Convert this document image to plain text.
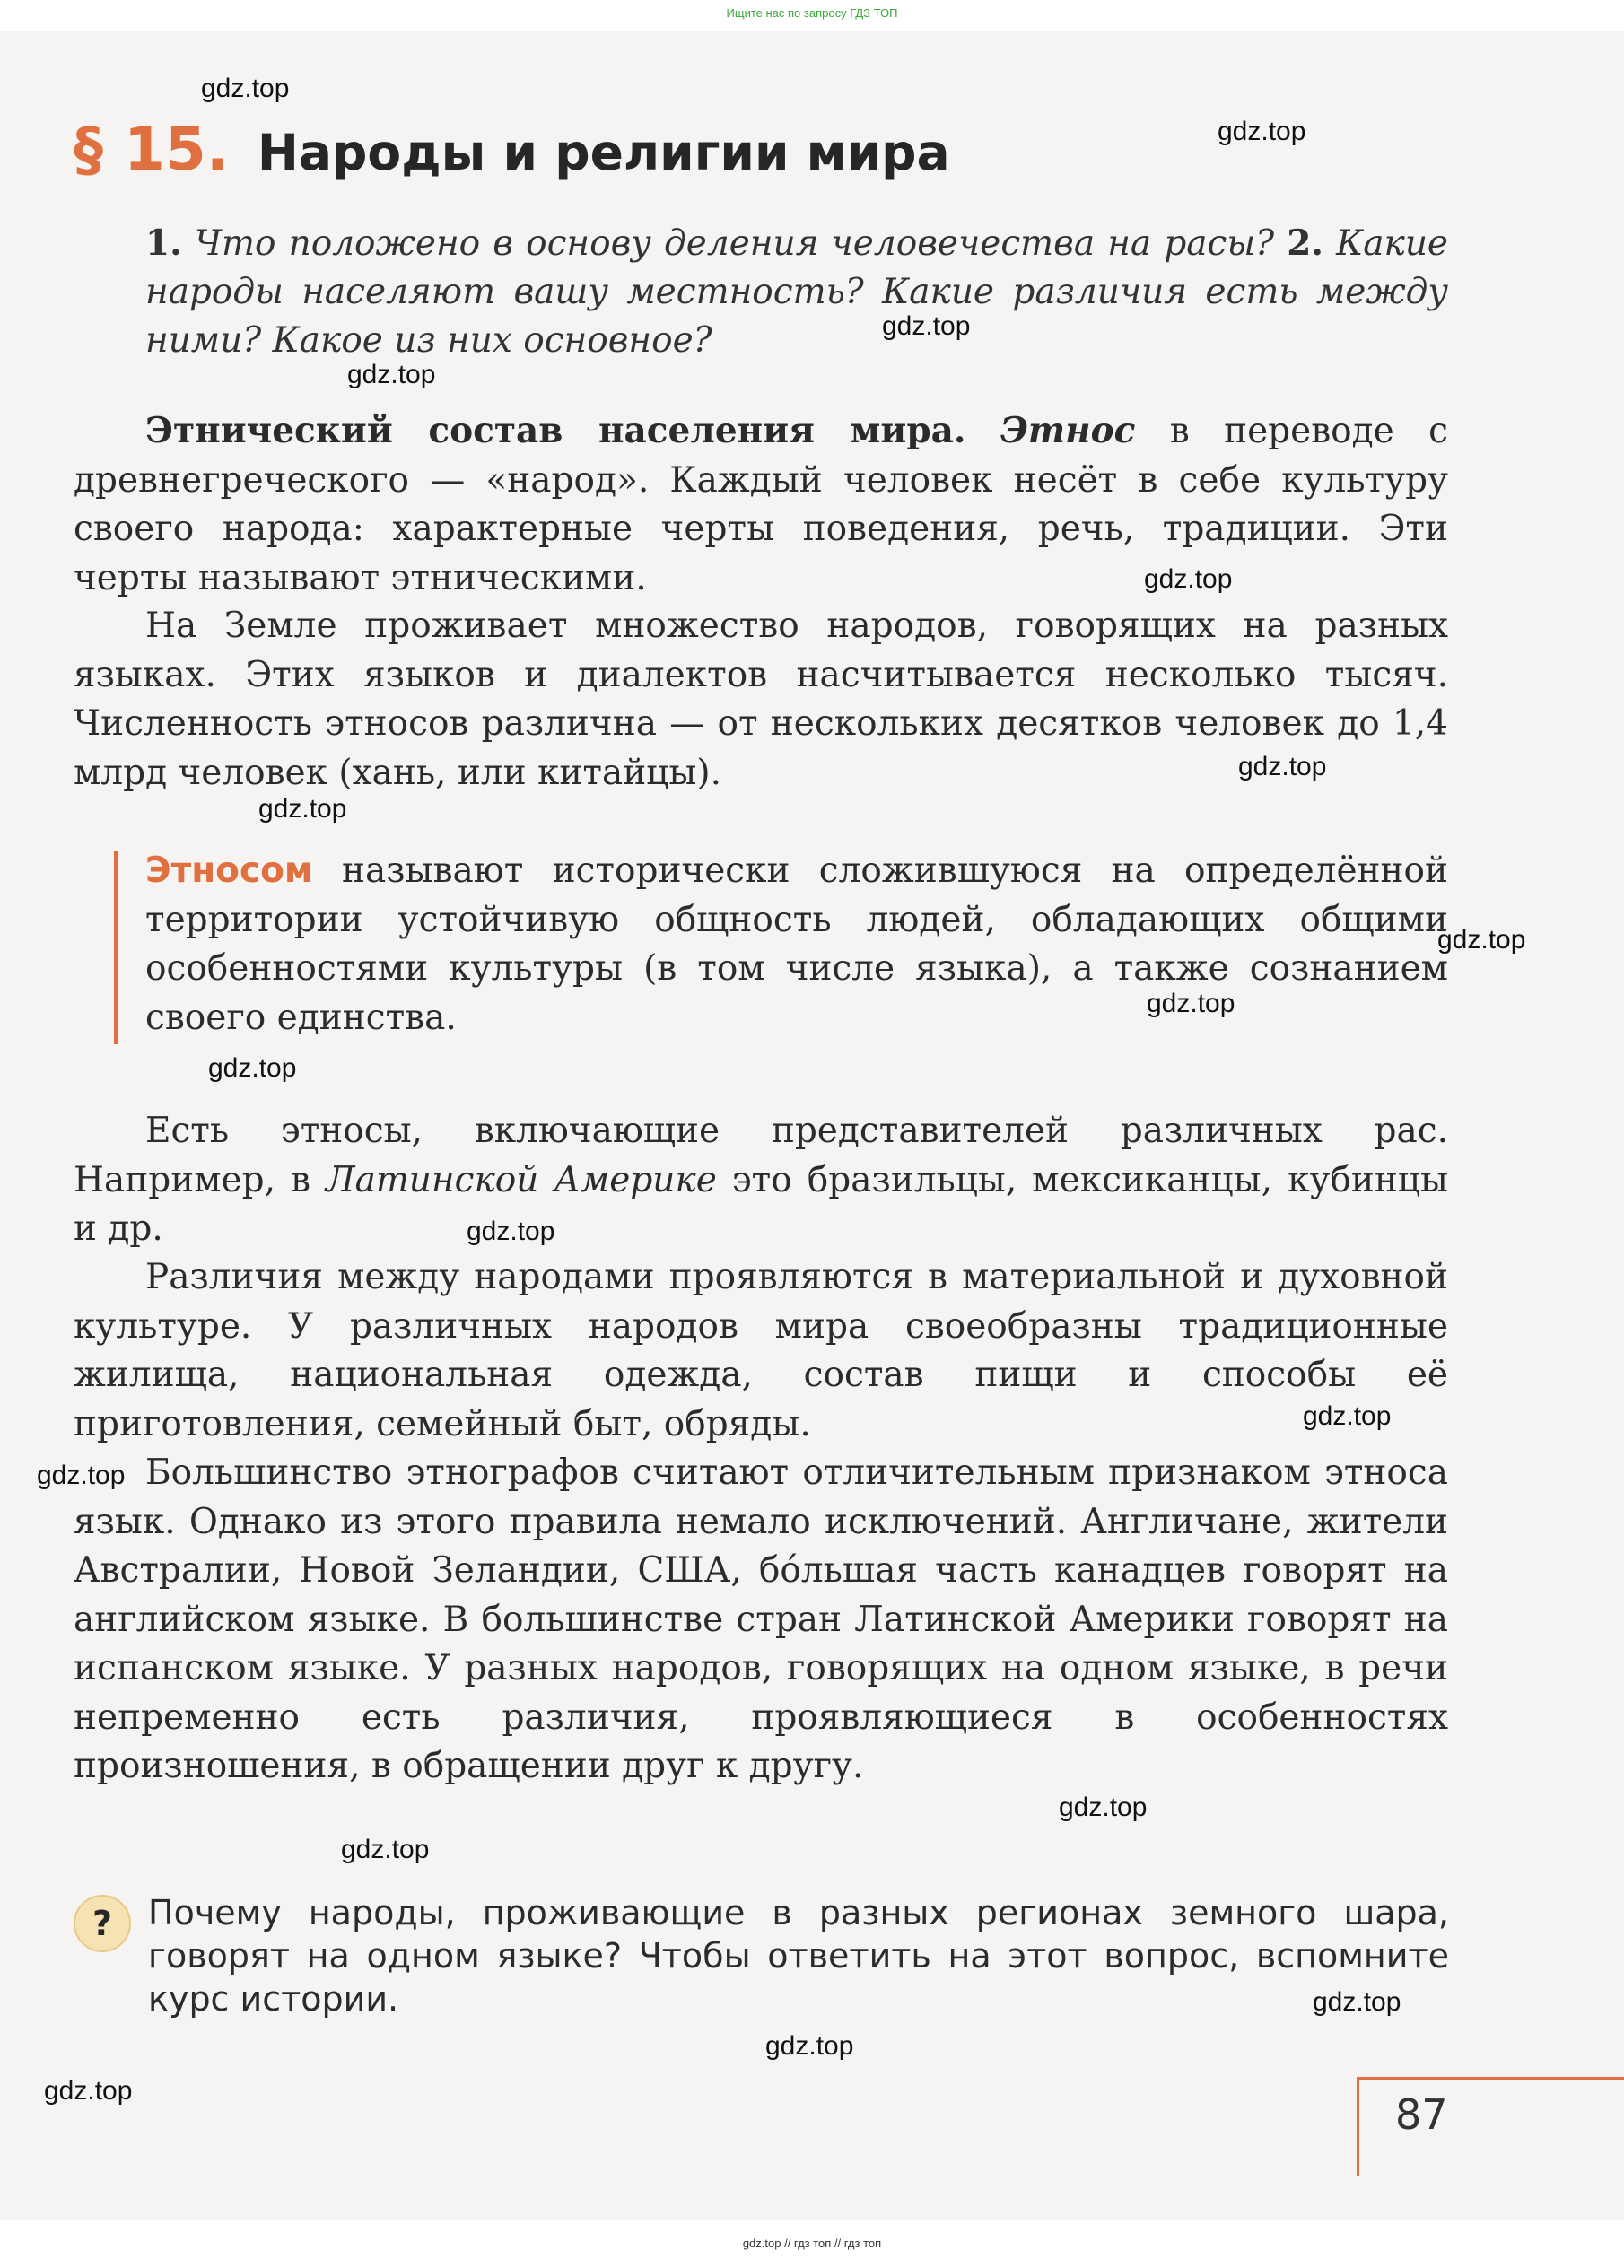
Ищите нас по запросу ГДЗ ТОП
§ 15. Народы и религии мира
1. Что положено в основу деления человечества на расы? 2. Какие народы населяют вашу местность? Какие различия есть между ними? Какое из них основное?
Этнический состав населения мира. Этнос в переводе с древнегреческого — «народ». Каждый человек несёт в себе культуру своего народа: характерные черты поведения, речь, традиции. Эти черты называют этническими.
На Земле проживает множество народов, говорящих на разных языках. Этих языков и диалектов насчитывается несколько тысяч. Численность этносов различна — от нескольких десятков человек до 1,4 млрд человек (хань, или китайцы).
Этносом называют исторически сложившуюся на определённой территории устойчивую общность людей, обладающих общими особенностями культуры (в том числе языка), а также сознанием своего единства.
Есть этносы, включающие представителей различных рас. Например, в Латинской Америке это бразильцы, мексиканцы, кубинцы и др.
Различия между народами проявляются в материальной и духовной культуре. У различных народов мира своеобразны традиционные жилища, национальная одежда, состав пищи и способы её приготовления, семейный быт, обряды.
Большинство этнографов считают отличительным признаком этноса язык. Однако из этого правила немало исключений. Англичане, жители Австралии, Новой Зеландии, США, бóльшая часть канадцев говорят на английском языке. В большинстве стран Латинской Америки говорят на испанском языке. У разных народов, говорящих на одном языке, в речи непременно есть различия, проявляющиеся в особенностях произношения, в обращении друг к другу.
?	Почему народы, проживающие в разных регионах земного шара, говорят на одном языке? Чтобы ответить на этот вопрос, вспомните курс истории.
87
gdz.top
gdz.top
gdz.top
gdz.top
gdz.top
gdz.top
gdz.top
gdz.top
gdz.top
gdz.top
gdz.top
gdz.top
gdz.top
gdz.top
gdz.top
gdz.top
gdz.top
gdz.top
gdz.top // гдз топ // гдз топ
